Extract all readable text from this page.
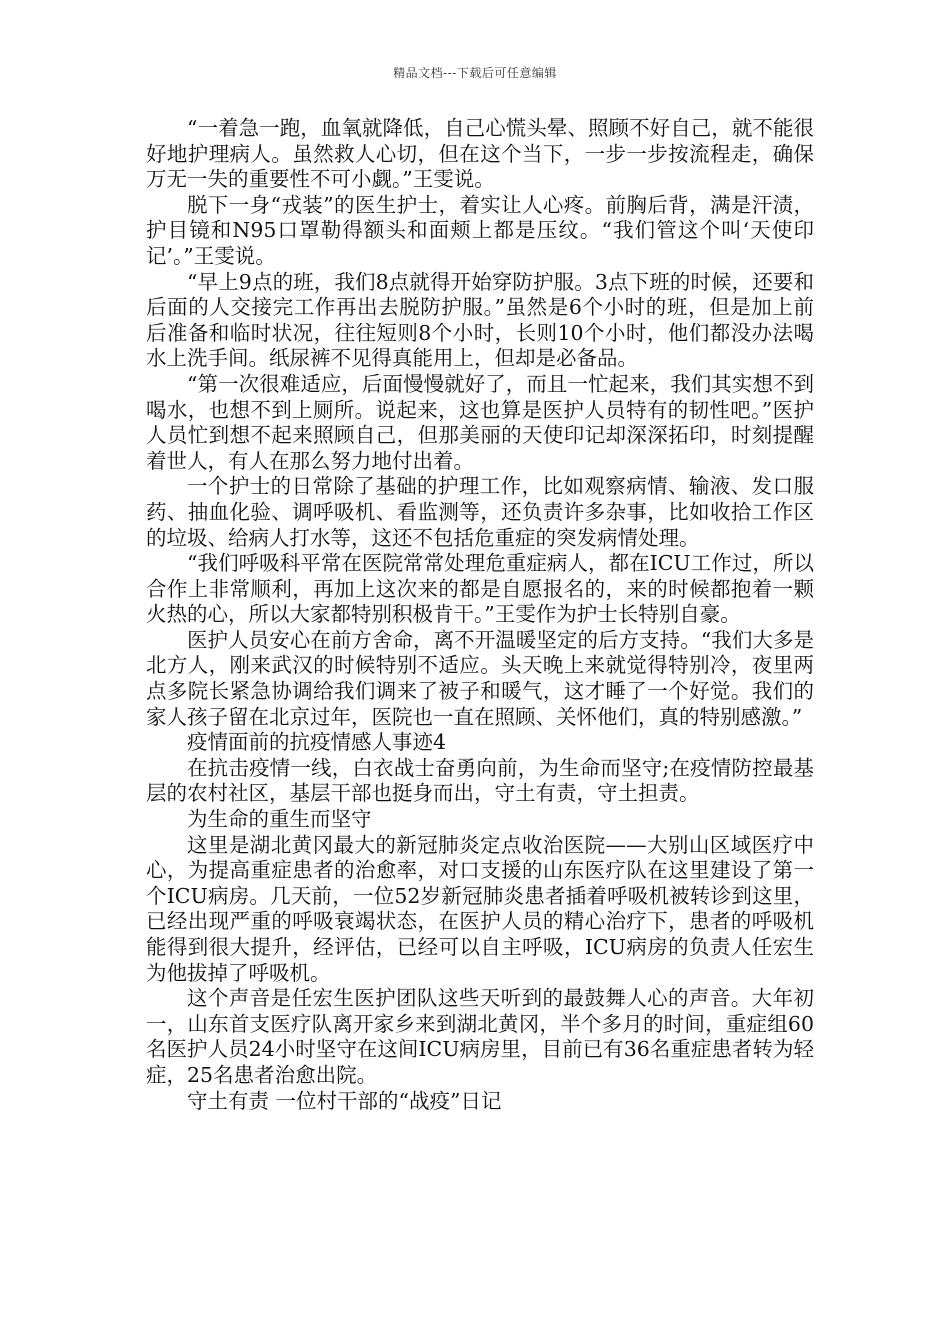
精品文档---下载后可任意编辑

“一着急一跑，血氧就降低，自己心慌头晕、照顾不好自己，就不能很好地护理病人。虽然救人心切，但在这个当下，一步一步按流程走，确保万无一失的重要性不可小觑。”王雯说。

脱下一身“戎装”的医生护士，着实让人心疼。前胸后背，满是汗渍，护目镜和N95口罩勒得额头和面颊上都是压纹。“我们管这个叫‘天使印记’。”王雯说。

“早上9点的班，我们8点就得开始穿防护服。3点下班的时候，还要和后面的人交接完工作再出去脱防护服。”虽然是6个小时的班，但是加上前后准备和临时状况，往往短则8个小时，长则10个小时，他们都没办法喝水上洗手间。纸尿裤不见得真能用上，但却是必备品。

“第一次很难适应，后面慢慢就好了，而且一忙起来，我们其实想不到喝水，也想不到上厕所。说起来，这也算是医护人员特有的韧性吧。”医护人员忙到想不起来照顾自己，但那美丽的天使印记却深深拓印，时刻提醒着世人，有人在那么努力地付出着。

一个护士的日常除了基础的护理工作，比如观察病情、输液、发口服药、抽血化验、调呼吸机、看监测等，还负责许多杂事，比如收拾工作区的垃圾、给病人打水等，这还不包括危重症的突发病情处理。

“我们呼吸科平常在医院常常处理危重症病人，都在ICU工作过，所以合作上非常顺利，再加上这次来的都是自愿报名的，来的时候都抱着一颗火热的心，所以大家都特别积极肯干。”王雯作为护士长特别自豪。

医护人员安心在前方舍命，离不开温暖坚定的后方支持。“我们大多是北方人，刚来武汉的时候特别不适应。头天晚上来就觉得特别冷，夜里两点多院长紧急协调给我们调来了被子和暖气，这才睡了一个好觉。我们的家人孩子留在北京过年，医院也一直在照顾、关怀他们，真的特别感激。”

疫情面前的抗疫情感人事迹4

在抗击疫情一线，白衣战士奋勇向前，为生命而坚守;在疫情防控最基层的农村社区，基层干部也挺身而出，守土有责，守土担责。

为生命的重生而坚守

这里是湖北黄冈最大的新冠肺炎定点收治医院——大别山区域医疗中心，为提高重症患者的治愈率，对口支援的山东医疗队在这里建设了第一个ICU病房。几天前，一位52岁新冠肺炎患者插着呼吸机被转诊到这里，已经出现严重的呼吸衰竭状态，在医护人员的精心治疗下，患者的呼吸机能得到很大提升，经评估，已经可以自主呼吸，ICU病房的负责人任宏生为他拔掉了呼吸机。

这个声音是任宏生医护团队这些天听到的最鼓舞人心的声音。大年初一，山东首支医疗队离开家乡来到湖北黄冈，半个多月的时间，重症组60名医护人员24小时坚守在这间ICU病房里，目前已有36名重症患者转为轻症，25名患者治愈出院。

守土有责 一位村干部的“战疫”日记
